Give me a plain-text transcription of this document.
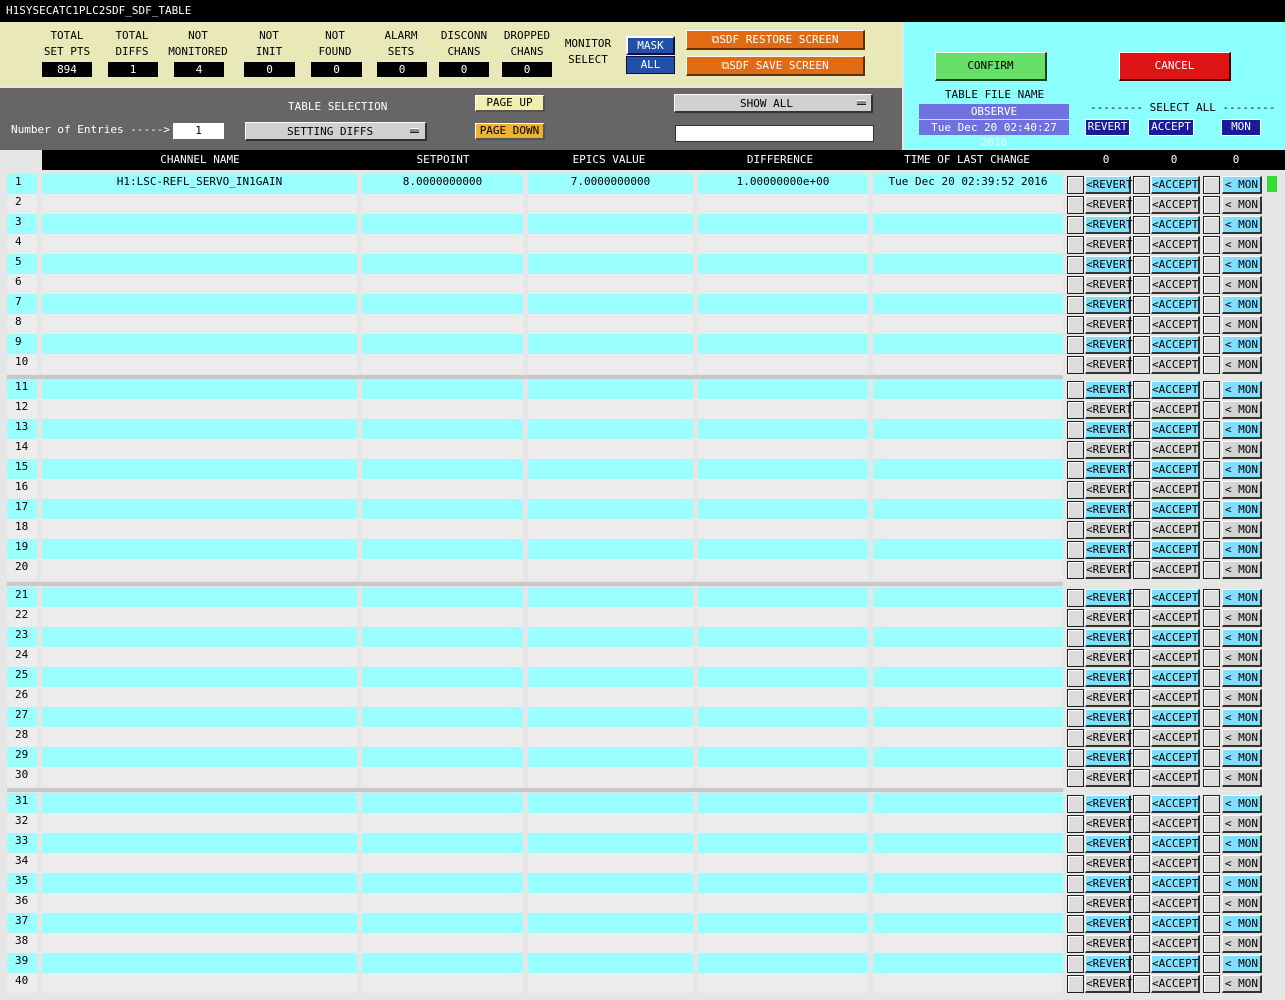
H1SYSECATC1PLC2SDF_SDF_TABLE
TOTAL
SET PTS
894
TOTAL
DIFFS
1
NOT
MONITORED
4
NOT
INIT
0
NOT
FOUND
0
ALARM
SETS
0
DISCONN
CHANS
0
DROPPED
CHANS
0
MONITOR
SELECT
MASK
ALL
⧉SDF RESTORE SCREEN
⧉SDF SAVE SCREEN
Number of Entries ----->	1
TABLE SELECTION
SETTING DIFFS
PAGE UP
PAGE DOWN
SHOW ALL
CONFIRM	CANCEL
TABLE FILE NAME
OBSERVE
Tue Dec 20 02:40:27 2016
-------- SELECT ALL --------
REVERT ACCEPT	MON
CHANNEL NAME	SETPOINT	EPICS VALUE	DIFFERENCE	TIME OF LAST CHANGE	0	0	0
1	H1:LSC-REFL_SERVO_IN1GAIN	8.0000000000	7.0000000000	1.00000000e+00	Tue Dec 20 02:39:52 2016	<REVERT <ACCEPT < MON
2	<REVERT <ACCEPT < MON
3	<REVERT <ACCEPT < MON
4	<REVERT <ACCEPT < MON
5	<REVERT <ACCEPT < MON
6	<REVERT <ACCEPT < MON
7	<REVERT <ACCEPT < MON
8	<REVERT <ACCEPT < MON
9	<REVERT <ACCEPT < MON
10	<REVERT <ACCEPT < MON
11	<REVERT <ACCEPT < MON
12	<REVERT <ACCEPT < MON
13	<REVERT <ACCEPT < MON
14	<REVERT <ACCEPT < MON
15	<REVERT <ACCEPT < MON
16	<REVERT <ACCEPT < MON
17	<REVERT <ACCEPT < MON
18	<REVERT <ACCEPT < MON
19	<REVERT <ACCEPT < MON
20	<REVERT <ACCEPT < MON
21	<REVERT <ACCEPT < MON
22	<REVERT <ACCEPT < MON
23	<REVERT <ACCEPT < MON
24	<REVERT <ACCEPT < MON
25	<REVERT <ACCEPT < MON
26	<REVERT <ACCEPT < MON
27	<REVERT <ACCEPT < MON
28	<REVERT <ACCEPT < MON
29	<REVERT <ACCEPT < MON
30	<REVERT <ACCEPT < MON
31	<REVERT <ACCEPT < MON
32	<REVERT <ACCEPT < MON
33	<REVERT <ACCEPT < MON
34	<REVERT <ACCEPT < MON
35	<REVERT <ACCEPT < MON
36	<REVERT <ACCEPT < MON
37	<REVERT <ACCEPT < MON
38	<REVERT <ACCEPT < MON
39	<REVERT <ACCEPT < MON
40	<REVERT <ACCEPT < MON
